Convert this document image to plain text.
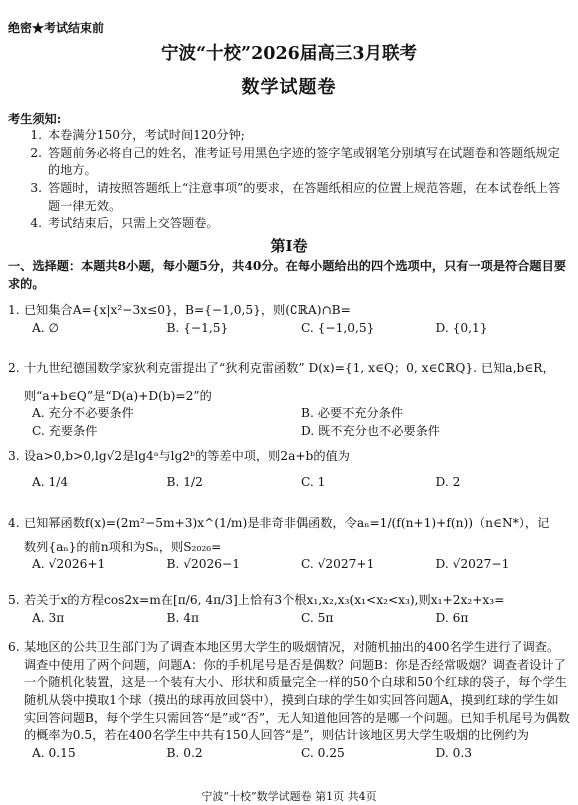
绝密★考试结束前
宁波“十校”2026届高三3月联考
数学试题卷
考生须知:
1. 本卷满分150分，考试时间120分钟;
2. 答题前务必将自己的姓名，准考证号用黑色字迹的签字笔或钢笔分别填写在试题卷和答题纸规定的地方。
3. 答题时，请按照答题纸上“注意事项”的要求，在答题纸相应的位置上规范答题，在本试卷纸上答题一律无效。
4. 考试结束后，只需上交答题卷。
第Ⅰ卷
一、选择题：本题共8小题，每小题5分，共40分。在每小题给出的四个选项中，只有一项是符合题目要求的。
1. 已知集合A={x|x²−3x≤0}，B={−1,0,5}，则(∁ℝA)∩B=
A. ∅	B. {−1,5}	C. {−1,0,5}	D. {0,1}
2. 十九世纪德国数学家狄利克雷提出了“狄利克雷函数” D(x)={1, x∈Q；0, x∈∁ℝQ}. 已知a,b∈R，
则“a+b∈Q”是“D(a)+D(b)=2”的
A. 充分不必要条件	B. 必要不充分条件
C. 充要条件	D. 既不充分也不必要条件
3. 设a>0,b>0,lg√2是lg4ᵃ与lg2ᵇ的等差中项，则2a+b的值为
A. 1/4	B. 1/2	C. 1	D. 2
4. 已知幂函数f(x)=(2m²−5m+3)x^(1/m)是非奇非偶函数，令aₙ=1/(f(n+1)+f(n))（n∈N*），记
数列{aₙ}的前n项和为Sₙ，则S₂₀₂₆=
A. √2026+1	B. √2026−1	C. √2027+1	D. √2027−1
5. 若关于x的方程cos2x=m在[π/6, 4π/3]上恰有3个根x₁,x₂,x₃(x₁<x₂<x₃),则x₁+2x₂+x₃=
A. 3π	B. 4π	C. 5π	D. 6π
6. 某地区的公共卫生部门为了调查本地区男大学生的吸烟情况，对随机抽出的400名学生进行了调查。调查中使用了两个问题，问题A：你的手机尾号是否是偶数？问题B：你是否经常吸烟？调查者设计了一个随机化装置，这是一个装有大小、形状和质量完全一样的50个白球和50个红球的袋子，每个学生随机从袋中摸取1个球（摸出的球再放回袋中），摸到白球的学生如实回答问题A，摸到红球的学生如实回答问题B，每个学生只需回答“是”或“否”，无人知道他回答的是哪一个问题。已知手机尾号为偶数的概率为0.5，若在400名学生中共有150人回答“是”，则估计该地区男大学生吸烟的比例约为
A. 0.15	B. 0.2	C. 0.25	D. 0.3
宁波“十校”数学试题卷 第1页 共4页
